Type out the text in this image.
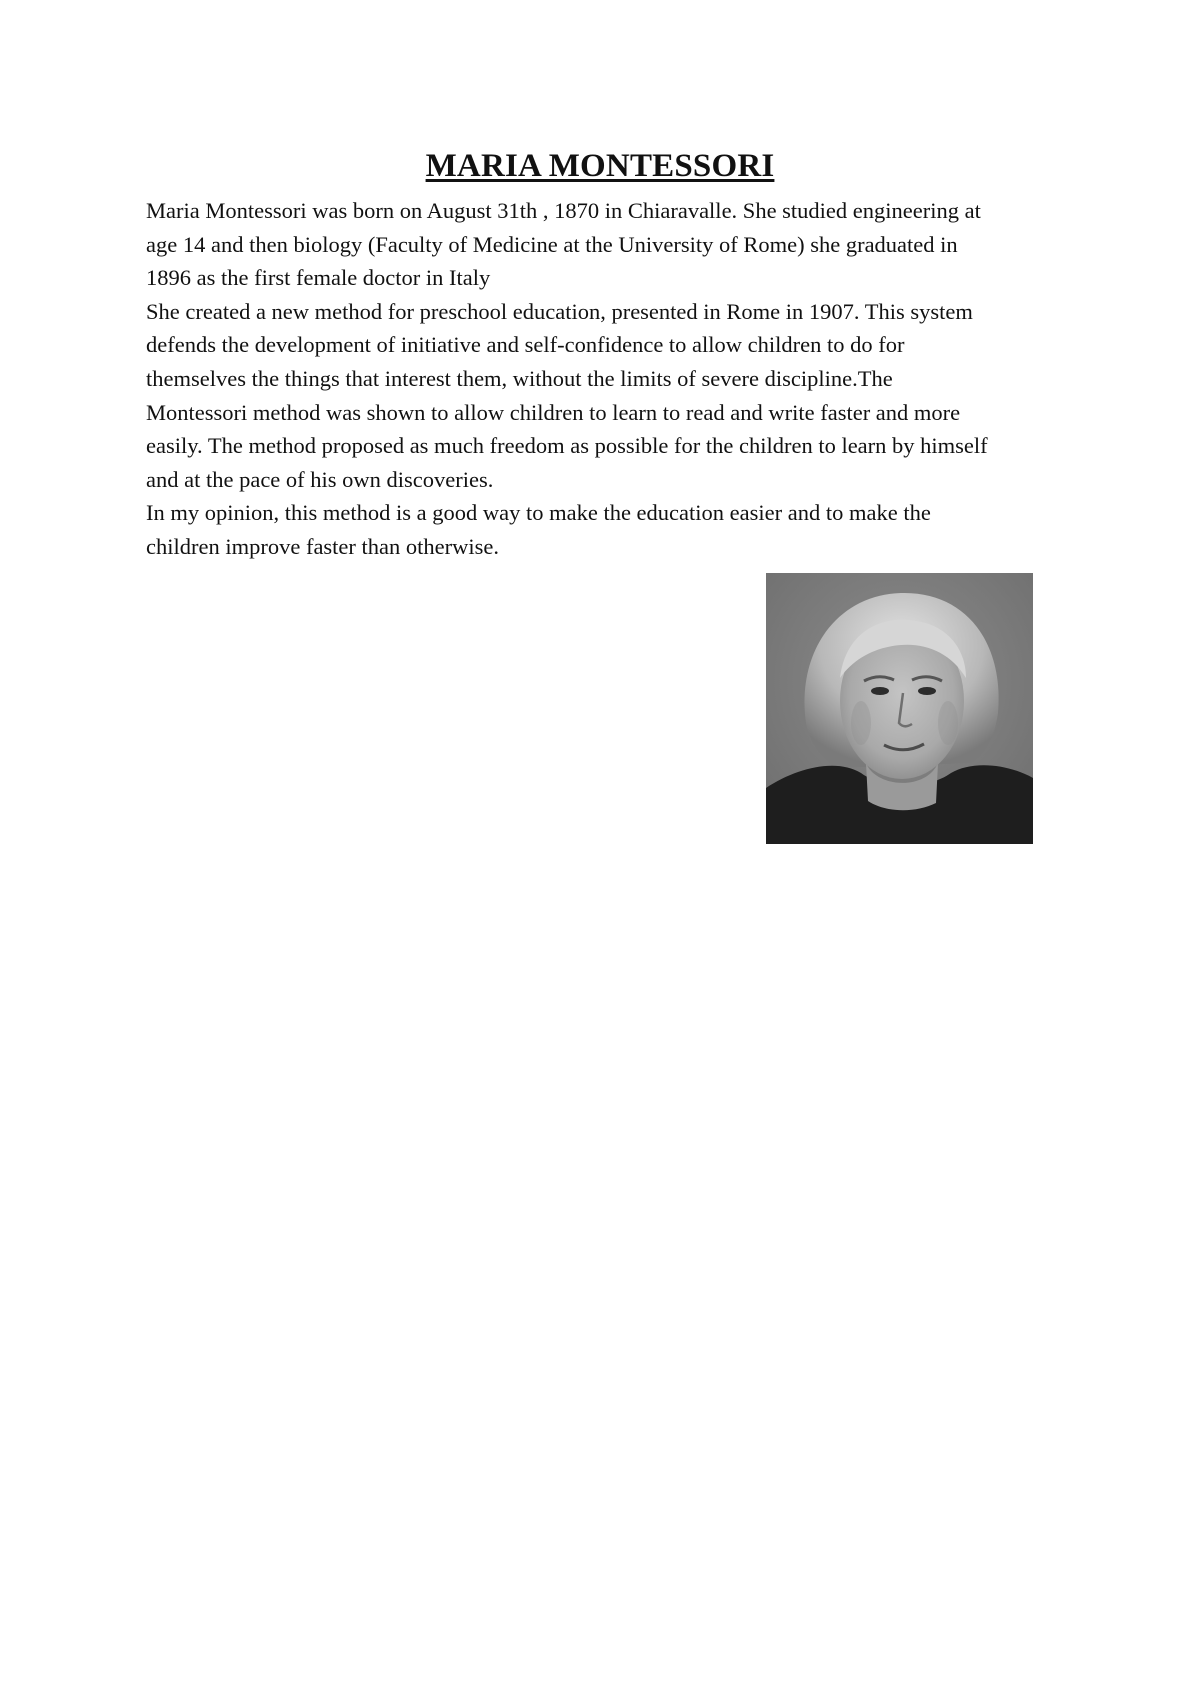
MARIA MONTESSORI

Maria Montessori was born on August 31th , 1870 in Chiaravalle. She studied engineering at

age 14 and then biology (Faculty of Medicine at the University of Rome) she graduated in

1896 as the first female doctor in Italy

She created a new method for preschool education, presented in Rome in 1907. This system

defends the development of initiative and self-confidence to allow children to do for

themselves the things that interest them, without the limits of severe discipline.The

Montessori method was shown to allow children to learn to read and write faster and more

easily. The method proposed as much freedom as possible for the children to learn by himself

and at the pace of his own discoveries.

In my opinion, this method is a good way to make the education easier and to make the

children improve faster than otherwise.
